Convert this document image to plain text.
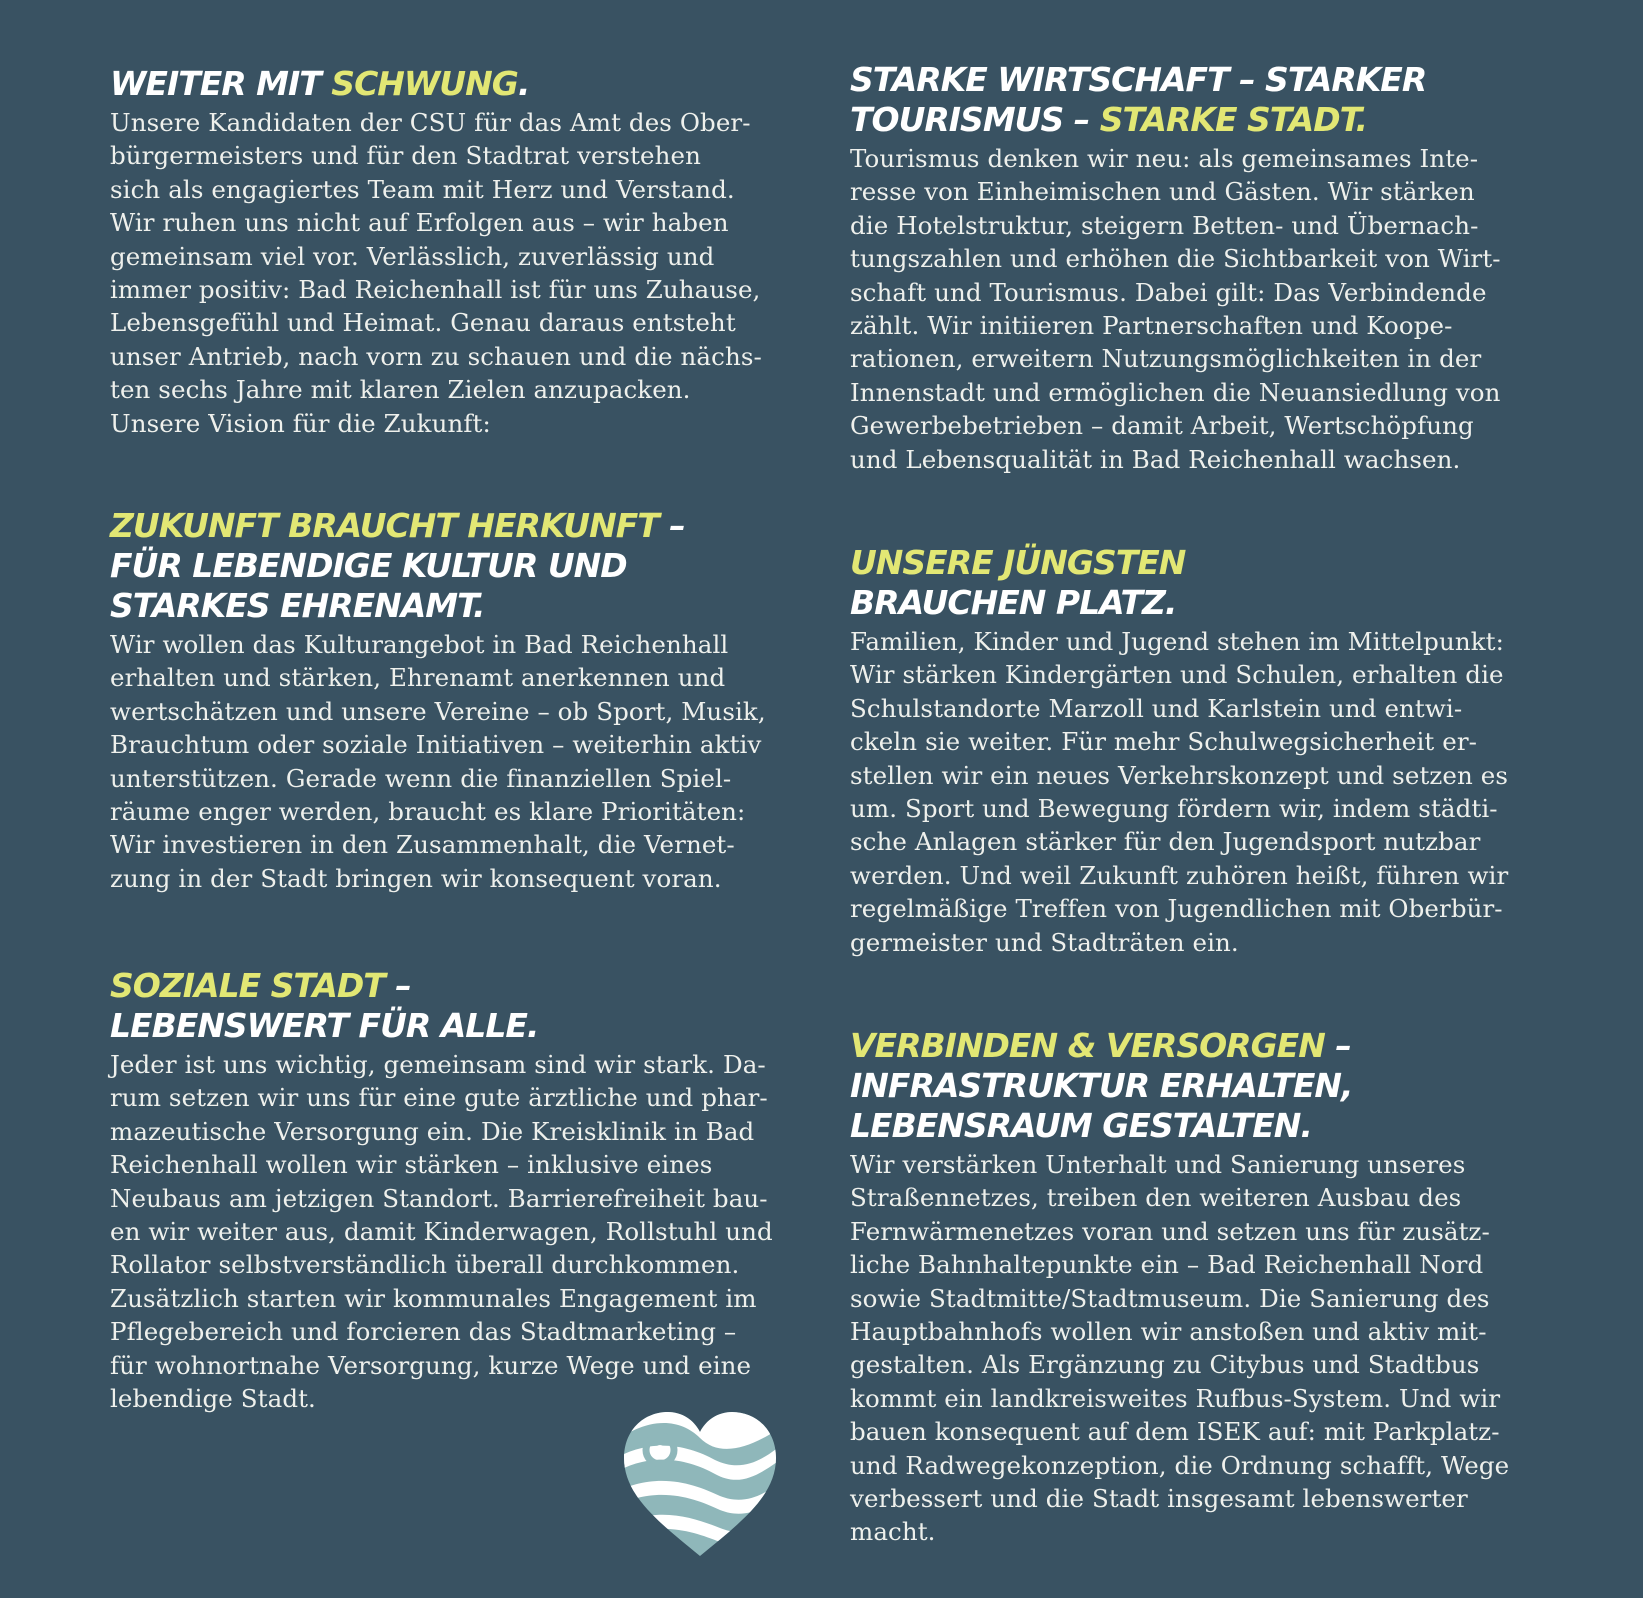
WEITER MIT SCHWUNG.

Unsere Kandidaten der CSU für das Amt des Ober-
bürgermeisters und für den Stadtrat verstehen
sich als engagiertes Team mit Herz und Verstand.
Wir ruhen uns nicht auf Erfolgen aus – wir haben
gemeinsam viel vor. Verlässlich, zuverlässig und
immer positiv: Bad Reichenhall ist für uns Zuhause,
Lebensgefühl und Heimat. Genau daraus entsteht
unser Antrieb, nach vorn zu schauen und die nächs-
ten sechs Jahre mit klaren Zielen anzupacken.
Unsere Vision für die Zukunft:

ZUKUNFT BRAUCHT HERKUNFT –
FÜR LEBENDIGE KULTUR UND
STARKES EHRENAMT.

Wir wollen das Kulturangebot in Bad Reichenhall
erhalten und stärken, Ehrenamt anerkennen und
wertschätzen und unsere Vereine – ob Sport, Musik,
Brauchtum oder soziale Initiativen – weiterhin aktiv
unterstützen. Gerade wenn die finanziellen Spiel-
räume enger werden, braucht es klare Prioritäten:
Wir investieren in den Zusammenhalt, die Vernet-
zung in der Stadt bringen wir konsequent voran.

SOZIALE STADT –
LEBENSWERT FÜR ALLE.

Jeder ist uns wichtig, gemeinsam sind wir stark. Da-
rum setzen wir uns für eine gute ärztliche und phar-
mazeutische Versorgung ein. Die Kreisklinik in Bad
Reichenhall wollen wir stärken – inklusive eines
Neubaus am jetzigen Standort. Barrierefreiheit bau-
en wir weiter aus, damit Kinderwagen, Rollstuhl und
Rollator selbstverständlich überall durchkommen.
Zusätzlich starten wir kommunales Engagement im
Pflegebereich und forcieren das Stadtmarketing –
für wohnortnahe Versorgung, kurze Wege und eine
lebendige Stadt.

STARKE WIRTSCHAFT – STARKER
TOURISMUS – STARKE STADT.

Tourismus denken wir neu: als gemeinsames Inte-
resse von Einheimischen und Gästen. Wir stärken
die Hotelstruktur, steigern Betten- und Übernach-
tungszahlen und erhöhen die Sichtbarkeit von Wirt-
schaft und Tourismus. Dabei gilt: Das Verbindende
zählt. Wir initiieren Partnerschaften und Koope-
rationen, erweitern Nutzungsmöglichkeiten in der
Innenstadt und ermöglichen die Neuansiedlung von
Gewerbebetrieben – damit Arbeit, Wertschöpfung
und Lebensqualität in Bad Reichenhall wachsen.

UNSERE JÜNGSTEN
BRAUCHEN PLATZ.

Familien, Kinder und Jugend stehen im Mittelpunkt:
Wir stärken Kindergärten und Schulen, erhalten die
Schulstandorte Marzoll und Karlstein und entwi-
ckeln sie weiter. Für mehr Schulwegsicherheit er-
stellen wir ein neues Verkehrskonzept und setzen es
um. Sport und Bewegung fördern wir, indem städti-
sche Anlagen stärker für den Jugendsport nutzbar
werden. Und weil Zukunft zuhören heißt, führen wir
regelmäßige Treffen von Jugendlichen mit Oberbür-
germeister und Stadträten ein.

VERBINDEN & VERSORGEN –
INFRASTRUKTUR ERHALTEN,
LEBENSRAUM GESTALTEN.

Wir verstärken Unterhalt und Sanierung unseres
Straßennetzes, treiben den weiteren Ausbau des
Fernwärmenetzes voran und setzen uns für zusätz-
liche Bahnhaltepunkte ein – Bad Reichenhall Nord
sowie Stadtmitte/Stadtmuseum. Die Sanierung des
Hauptbahnhofs wollen wir anstoßen und aktiv mit-
gestalten. Als Ergänzung zu Citybus und Stadtbus
kommt ein landkreisweites Rufbus-System. Und wir
bauen konsequent auf dem ISEK auf: mit Parkplatz-
und Radwegekonzeption, die Ordnung schafft, Wege
verbessert und die Stadt insgesamt lebenswerter
macht.
